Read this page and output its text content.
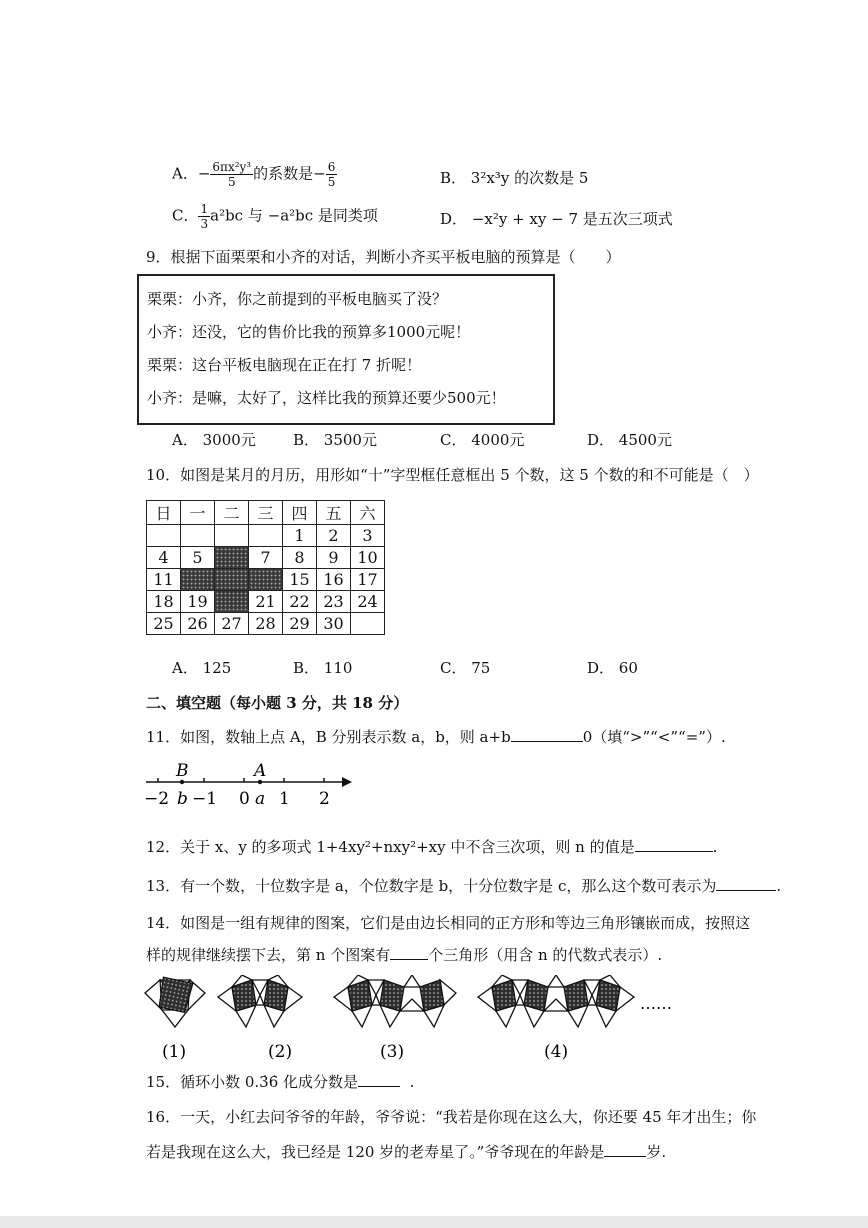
A．− $\frac{\text{6πx²y³}}{5}$ 的系数是− $\frac{6}{5}$	B． 3²x³y 的次数是 5
C． $\frac{1}{3} a^2bc$ 与 −a²bc 是同类项	D． −x²y + xy − 7 是五次三项式
9．根据下面栗栗和小齐的对话，判断小齐买平板电脑的预算是（　　）
栗栗：小齐，你之前提到的平板电脑买了没？
小齐：还没，它的售价比我的预算多1000元呢！
栗栗：这台平板电脑现在正在打 7 折呢！
小齐：是嘛，太好了，这样比我的预算还要少500元！
A． 3000元 B． 3500元	C． 4000元	D． 4500元
10．如图是某月的月历，用形如“十”字型框任意框出 5 个数，这 5 个数的和不可能是（　）
日	一	二	三	四	五	六
				1	2	3
4	5		7	8	9	10
11				15	16	17
18	19		21	22	23	24
25	26	27	28	29	30	
A． 125	B． 110	C． 75	D． 60
二、填空题（每小题 3 分，共 18 分）
11．如图，数轴上点 A，B 分别表示数 a，b，则 a+b	0（填“>”“<”“=”）.
B	A
−2 b −1 0 a 1 2
12．关于 x、y 的多项式 1+4xy²+nxy²+xy 中不含三次项，则 n 的值是	.
13．有一个数，十位数字是 a，个位数字是 b，十分位数字是 c，那么这个数可表示为	.
14．如图是一组有规律的图案，它们是由边长相同的正方形和等边三角形镶嵌而成，按照这
样的规律继续摆下去，第 n 个图案有	个三角形（用含 n 的代数式表示）.
……
(1)	(2)	(3)	(4)
15．循环小数 0.3̇6̇ 化成分数是	.
16．一天，小红去问爷爷的年龄，爷爷说：“我若是你现在这么大，你还要 45 年才出生；你
若是我现在这么大，我已经是 120 岁的老寿星了。”爷爷现在的年龄是	岁.
